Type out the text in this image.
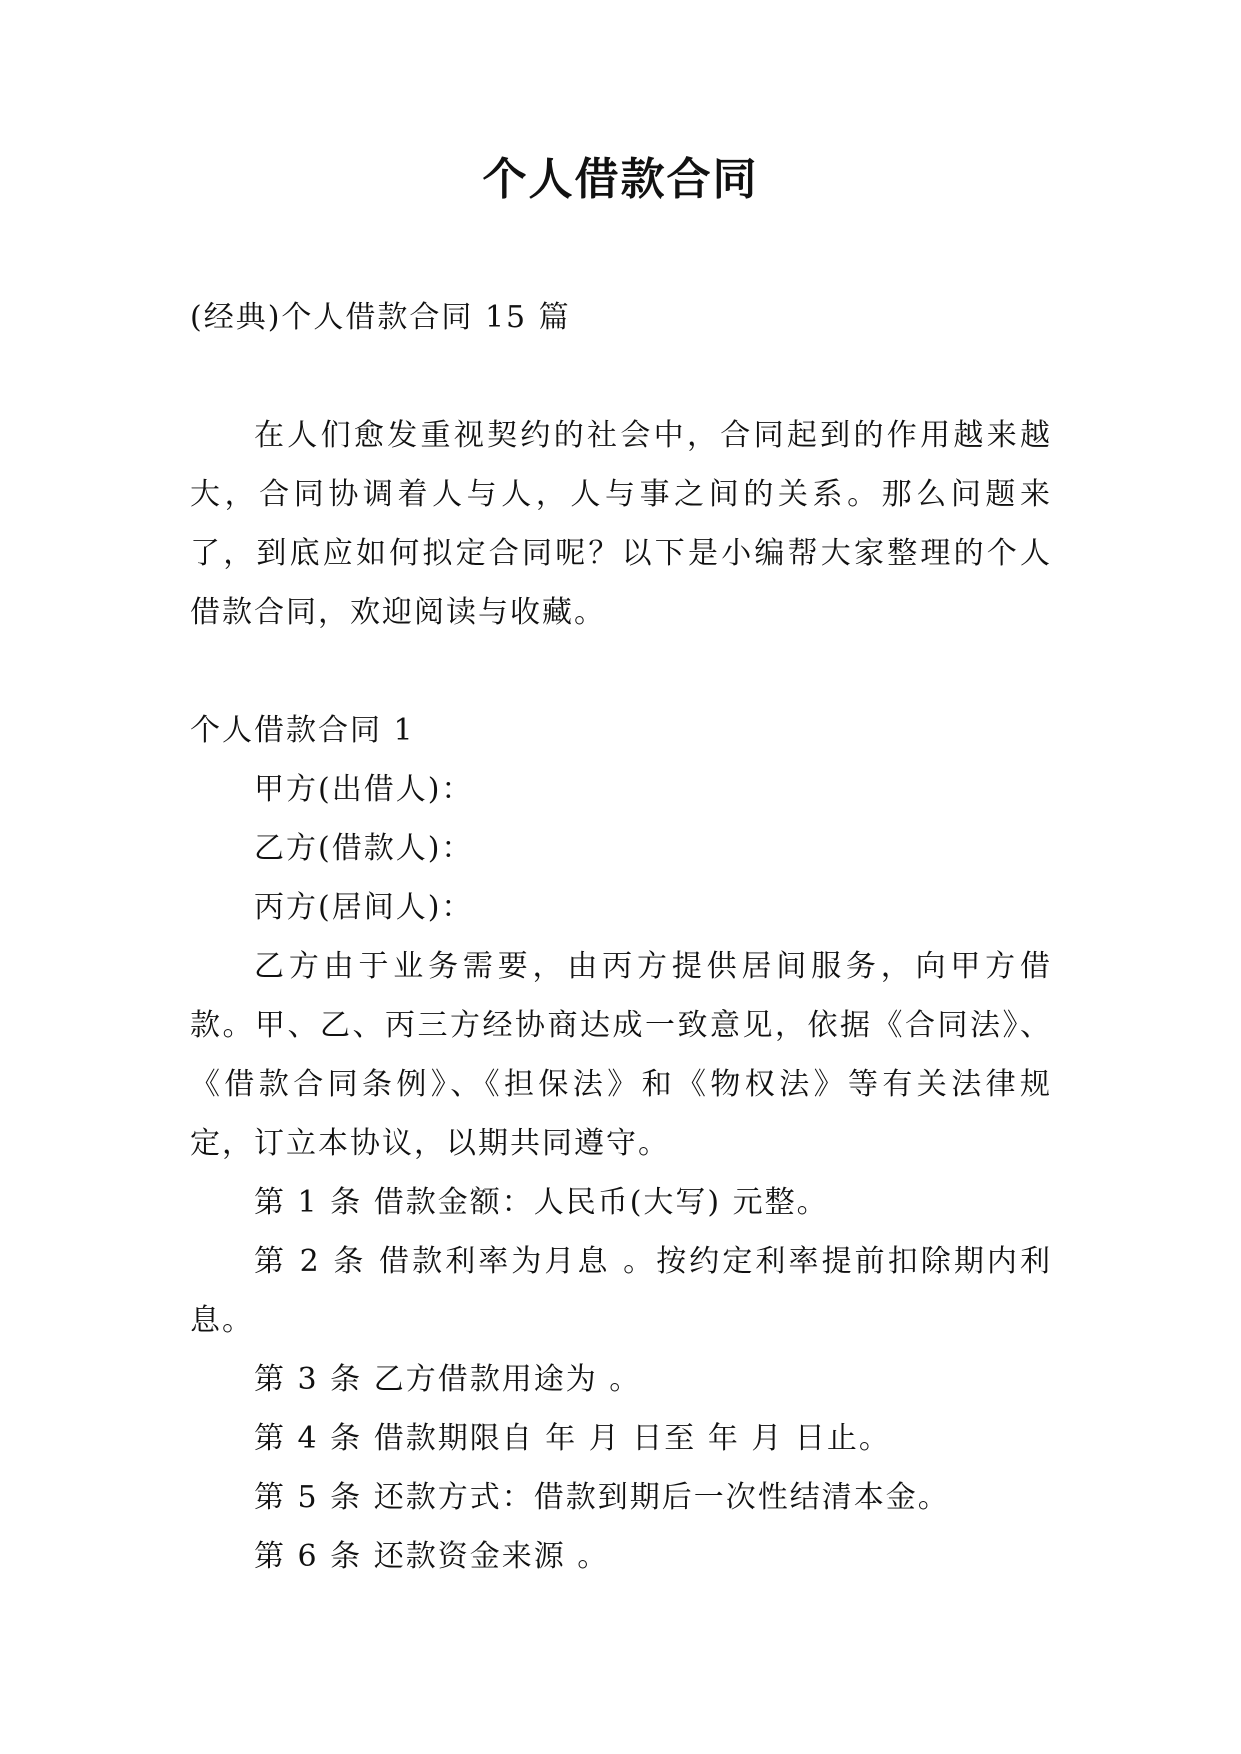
个人借款合同

(经典)个人借款合同 15 篇

在人们愈发重视契约的社会中，合同起到的作用越来越大，合同协调着人与人，人与事之间的关系。那么问题来了，到底应如何拟定合同呢？以下是小编帮大家整理的个人借款合同，欢迎阅读与收藏。

个人借款合同 1

甲方(出借人)：

乙方(借款人)：

丙方(居间人)：

乙方由于业务需要，由丙方提供居间服务，向甲方借款。甲、乙、丙三方经协商达成一致意见，依据《合同法》、《借款合同条例》、《担保法》和《物权法》等有关法律规定，订立本协议，以期共同遵守。

第 1 条 借款金额：人民币(大写) 元整。

第 2 条 借款利率为月息 。按约定利率提前扣除期内利息。

第 3 条 乙方借款用途为 。

第 4 条 借款期限自 年 月 日至 年 月 日止。

第 5 条 还款方式：借款到期后一次性结清本金。

第 6 条 还款资金来源 。
